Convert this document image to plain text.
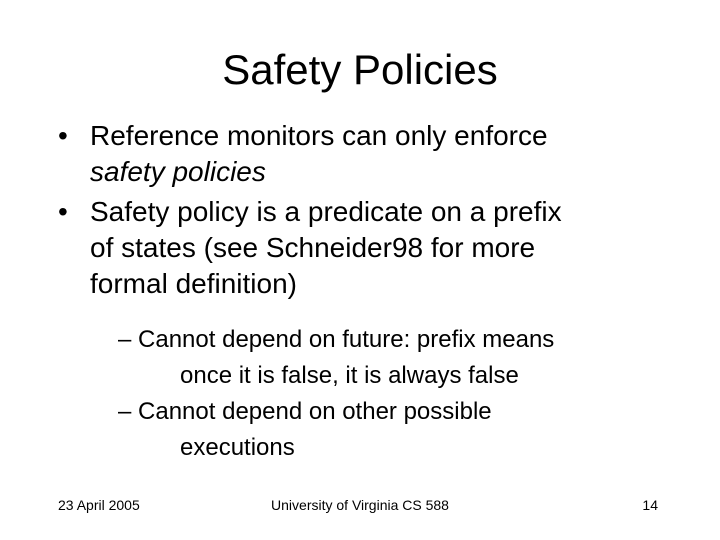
Safety Policies
• Reference monitors can only enforce
safety policies
• Safety policy is a predicate on a prefix
of states (see Schneider98 for more
formal definition)
– Cannot depend on future: prefix means
once it is false, it is always false
– Cannot depend on other possible
executions
23 April 2005	University of Virginia CS 588	14
